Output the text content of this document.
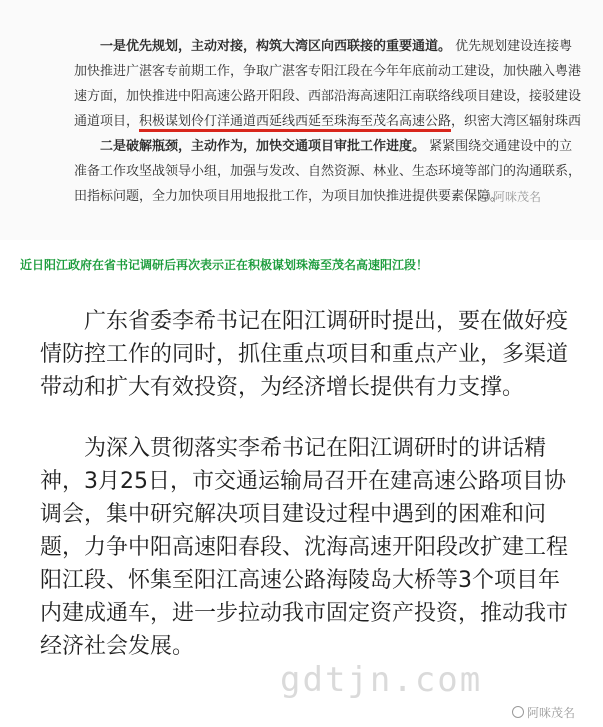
一是优先规划，主动对接，构筑大湾区向西联接的重要通道。 优先规划建设连接粤
加快推进广湛客专前期工作，争取广湛客专阳江段在今年年底前动工建设，加快融入粤港
速方面，加快推进中阳高速公路开阳段、西部沿海高速阳江南联络线项目建设，接驳建设
通道项目，积极谋划伶仃洋通道西延线西延至珠海至茂名高速公路，织密大湾区辐射珠西
二是破解瓶颈，主动作为，加快交通项目审批工作进度。 紧紧围绕交通建设中的立
准备工作攻坚战领导小组，加强与发改、自然资源、林业、生态环境等部门的沟通联系，
田指标问题，全力加快项目用地报批工作，为项目加快推进提供要素保障。
阿咪茂名
近日阳江政府在省书记调研后再次表示正在积极谋划珠海至茂名高速阳江段！

广东省委李希书记在阳江调研时提出，要在做好疫情防控工作的同时，抓住重点项目和重点产业，多渠道带动和扩大有效投资，为经济增长提供有力支撑。

为深入贯彻落实李希书记在阳江调研时的讲话精神，3月25日，市交通运输局召开在建高速公路项目协调会，集中研究解决项目建设过程中遇到的困难和问题，力争中阳高速阳春段、沈海高速开阳段改扩建工程阳江段、怀集至阳江高速公路海陵岛大桥等3个项目年内建成通车，进一步拉动我市固定资产投资，推动我市经济社会发展。

gdtjn.com
阿咪茂名
